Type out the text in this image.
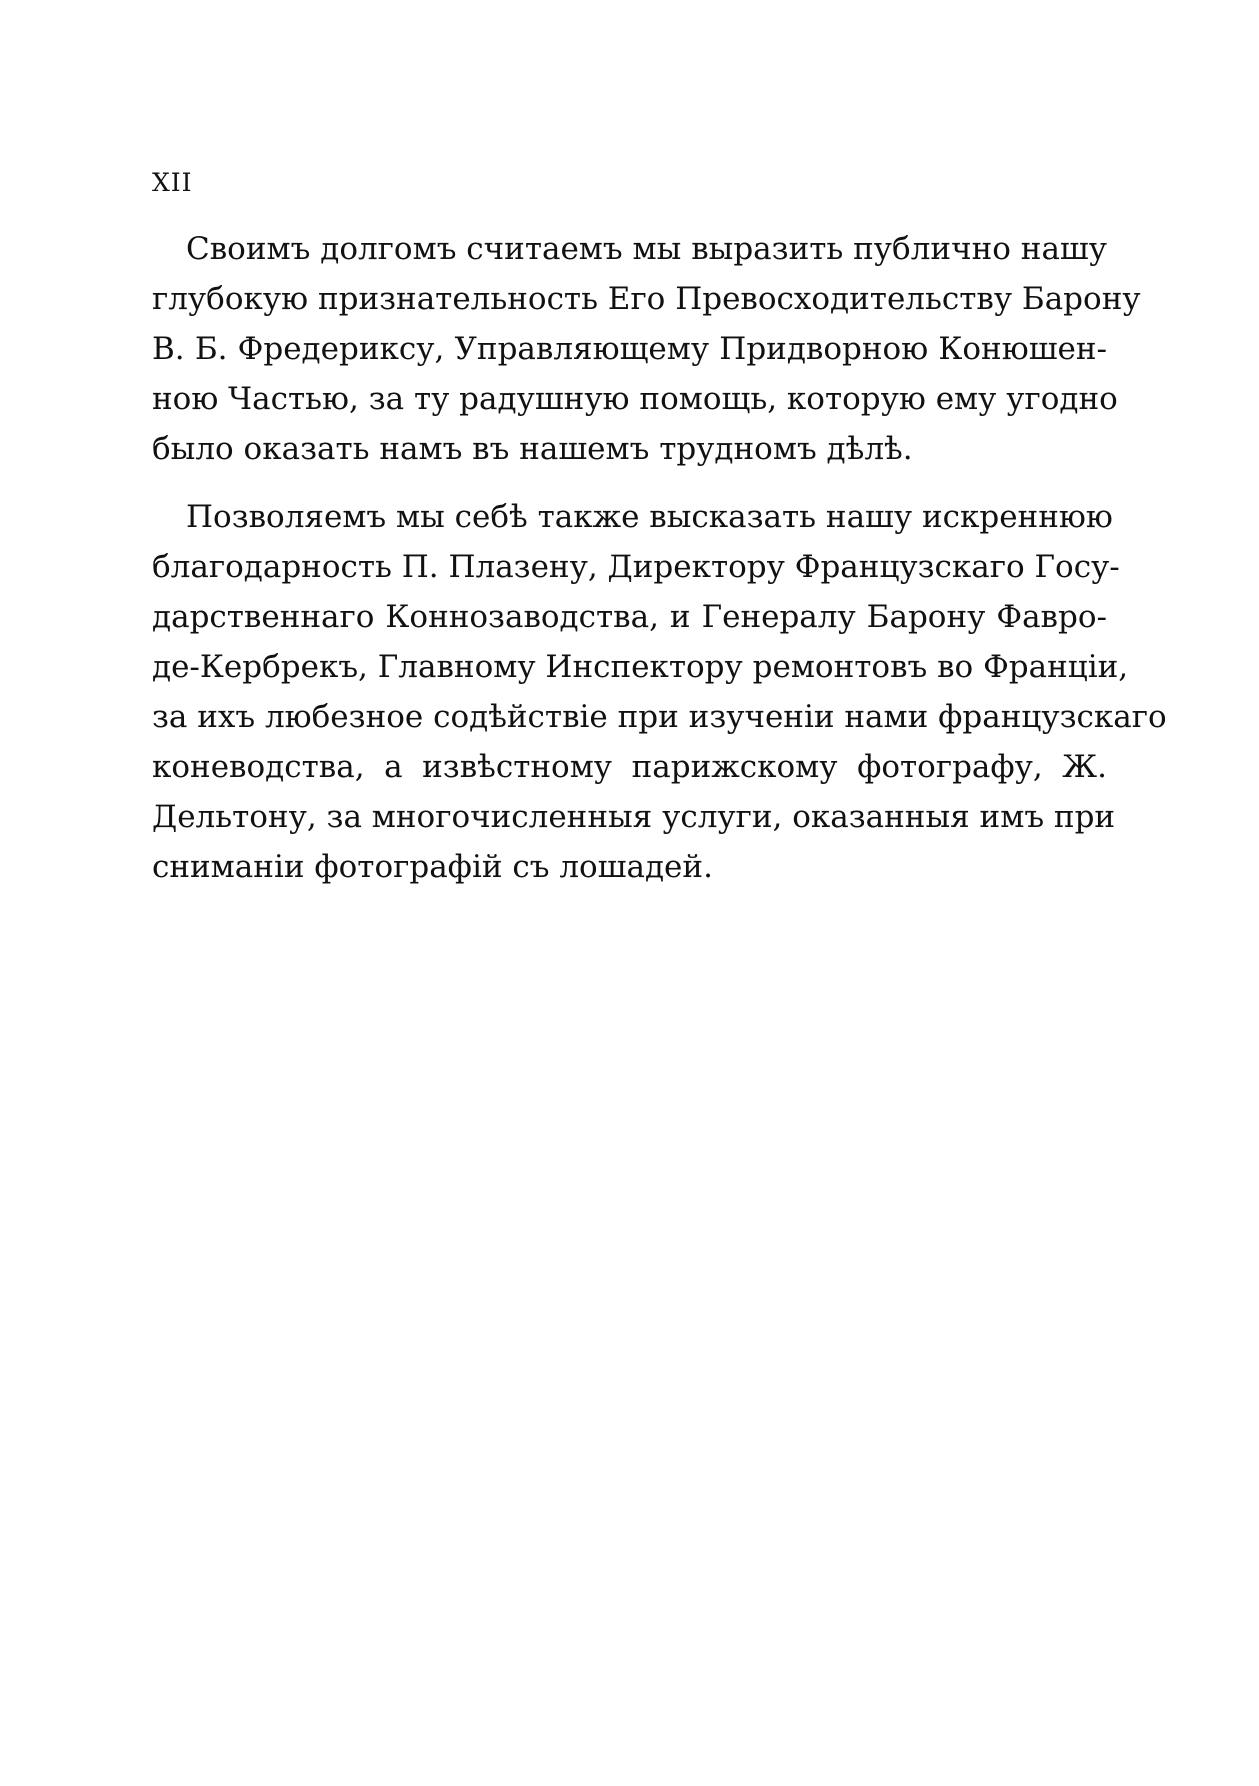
XII
Своимъ долгомъ считаемъ мы выразить публично нашу
глубокую признательность Его Превосходительству Барону
В. Б. Фредериксу, Управляющему Придворною Конюшен-
ною Частью, за ту радушную помощь, которую ему угодно
было оказать намъ въ нашемъ трудномъ дѣлѣ.
Позволяемъ мы себѣ также высказать нашу искреннюю
благодарность П. Плазену, Директору Французскаго Госу-
дарственнаго Коннозаводства, и Генералу Барону Фавро-
де-Кербрекъ, Главному Инспектору ремонтовъ во Франціи,
за ихъ любезное содѣйствіе при изученіи нами французскаго
коневодства, а извѣстному парижскому фотографу, Ж.
Дельтону, за многочисленныя услуги, оказанныя имъ при
сниманіи фотографій съ лошадей.
